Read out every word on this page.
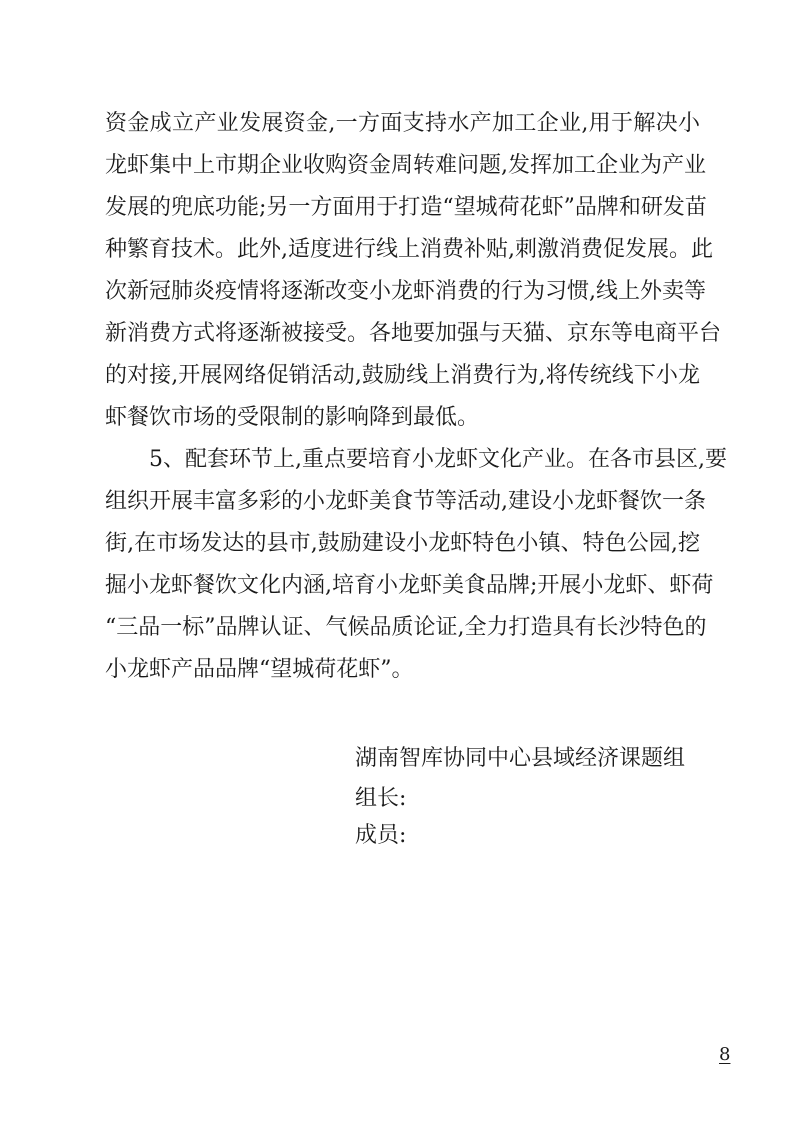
资金成立产业发展资金,一方面支持水产加工企业,用于解决小
龙虾集中上市期企业收购资金周转难问题,发挥加工企业为产业
发展的兜底功能;另一方面用于打造“望城荷花虾”品牌和研发苗
种繁育技术。此外,适度进行线上消费补贴,刺激消费促发展。此
次新冠肺炎疫情将逐渐改变小龙虾消费的行为习惯,线上外卖等
新消费方式将逐渐被接受。各地要加强与天猫、京东等电商平台
的对接,开展网络促销活动,鼓励线上消费行为,将传统线下小龙
虾餐饮市场的受限制的影响降到最低。
5、配套环节上,重点要培育小龙虾文化产业。在各市县区,要
组织开展丰富多彩的小龙虾美食节等活动,建设小龙虾餐饮一条
街,在市场发达的县市,鼓励建设小龙虾特色小镇、特色公园,挖
掘小龙虾餐饮文化内涵,培育小龙虾美食品牌;开展小龙虾、虾荷
“三品一标”品牌认证、气候品质论证,全力打造具有长沙特色的
小龙虾产品品牌“望城荷花虾”。
湖南智库协同中心县域经济课题组
组长:
成员:
8
